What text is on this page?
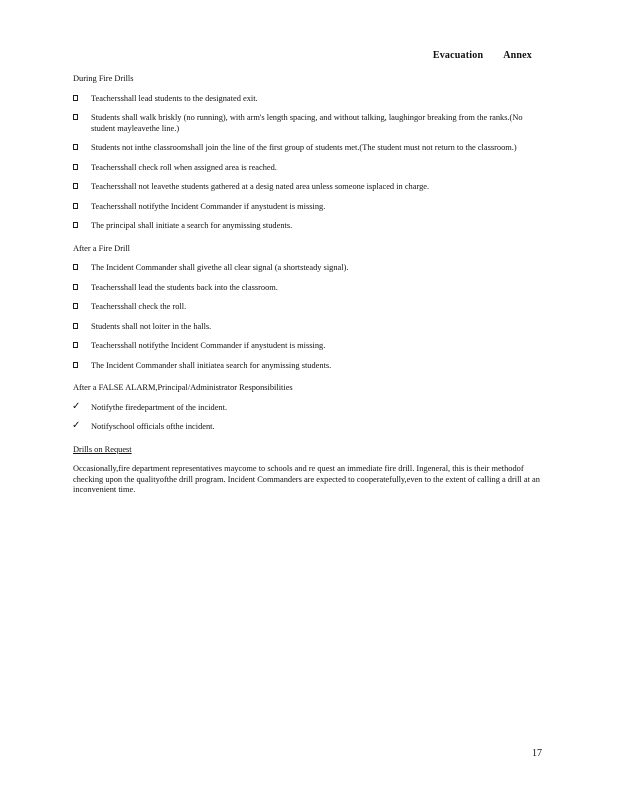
Evacuation Annex
During Fire Drills
Teachersshall lead students to the designated exit.
Students shall walk briskly (no running), with arm's length spacing, and without talking, laughingor breaking from the ranks.(No student mayleavethe line.)
Students not inthe classroomshall join the line of the first group of students met.(The student must not return to the classroom.)
Teachersshall check roll when assigned area is reached.
Teachersshall not leavethe students gathered at a desig nated area unless someone isplaced in charge.
Teachersshall notifythe Incident Commander if anystudent is missing.
The principal shall initiate a search for anymissing students.
After a Fire Drill
The Incident Commander shall givethe all clear signal (a shortsteady signal).
Teachersshall lead the students back into the classroom.
Teachersshall check the roll.
Students shall not loiter in the halls.
Teachersshall notifythe Incident Commander if anystudent is missing.
The Incident Commander shall initiatea search for anymissing students.
After a FALSE ALARM,Principal/Administrator Responsibilities
✓ Notifythe firedepartment of the incident.
✓ Notifyschool officials ofthe incident.
Drills on Request

Occasionally,fire department representatives maycome to schools and re quest an immediate fire drill. Ingeneral, this is their methodof checking upon the qualityofthe drill program. Incident Commanders are expected to cooperatefully,even to the extent of calling a drill at an inconvenient time.

17
